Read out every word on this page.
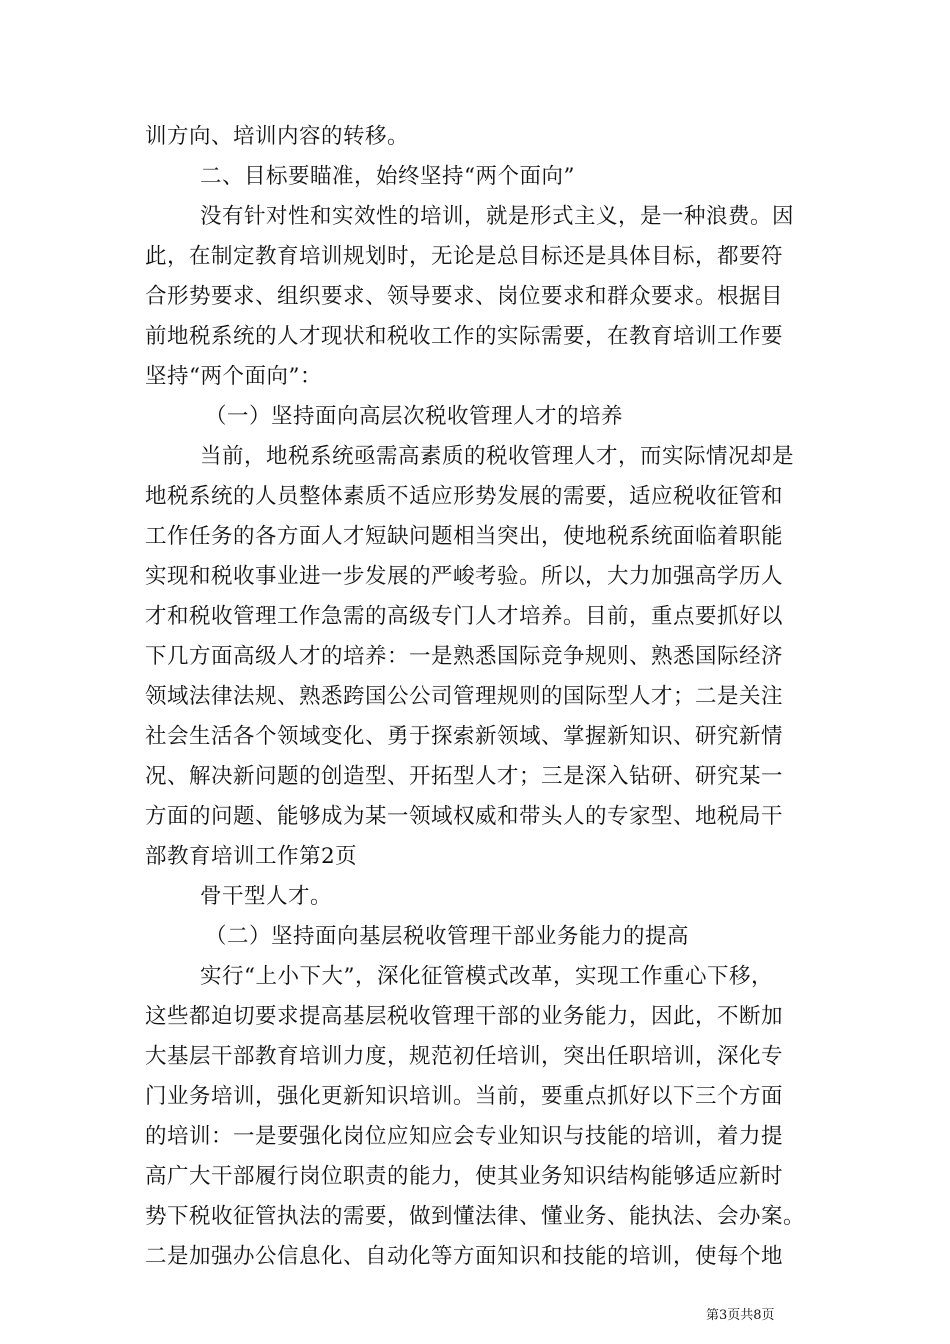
训方向、培训内容的转移。
二、目标要瞄准，始终坚持“两个面向”
没有针对性和实效性的培训，就是形式主义，是一种浪费。因
此，在制定教育培训规划时，无论是总目标还是具体目标，都要符
合形势要求、组织要求、领导要求、岗位要求和群众要求。根据目
前地税系统的人才现状和税收工作的实际需要，在教育培训工作要
坚持“两个面向”：
（一）坚持面向高层次税收管理人才的培养
当前，地税系统亟需高素质的税收管理人才，而实际情况却是
地税系统的人员整体素质不适应形势发展的需要，适应税收征管和
工作任务的各方面人才短缺问题相当突出，使地税系统面临着职能
实现和税收事业进一步发展的严峻考验。所以，大力加强高学历人
才和税收管理工作急需的高级专门人才培养。目前，重点要抓好以
下几方面高级人才的培养：一是熟悉国际竞争规则、熟悉国际经济
领域法律法规、熟悉跨国公公司管理规则的国际型人才；二是关注
社会生活各个领域变化、勇于探索新领域、掌握新知识、研究新情
况、解决新问题的创造型、开拓型人才；三是深入钻研、研究某一
方面的问题、能够成为某一领域权威和带头人的专家型、地税局干
部教育培训工作第2页
骨干型人才。
（二）坚持面向基层税收管理干部业务能力的提高
实行“上小下大”，深化征管模式改革，实现工作重心下移，
这些都迫切要求提高基层税收管理干部的业务能力，因此，不断加
大基层干部教育培训力度，规范初任培训，突出任职培训，深化专
门业务培训，强化更新知识培训。当前，要重点抓好以下三个方面
的培训：一是要强化岗位应知应会专业知识与技能的培训，着力提
高广大干部履行岗位职责的能力，使其业务知识结构能够适应新时
势下税收征管执法的需要，做到懂法律、懂业务、能执法、会办案。
二是加强办公信息化、自动化等方面知识和技能的培训，使每个地
第3页共8页
